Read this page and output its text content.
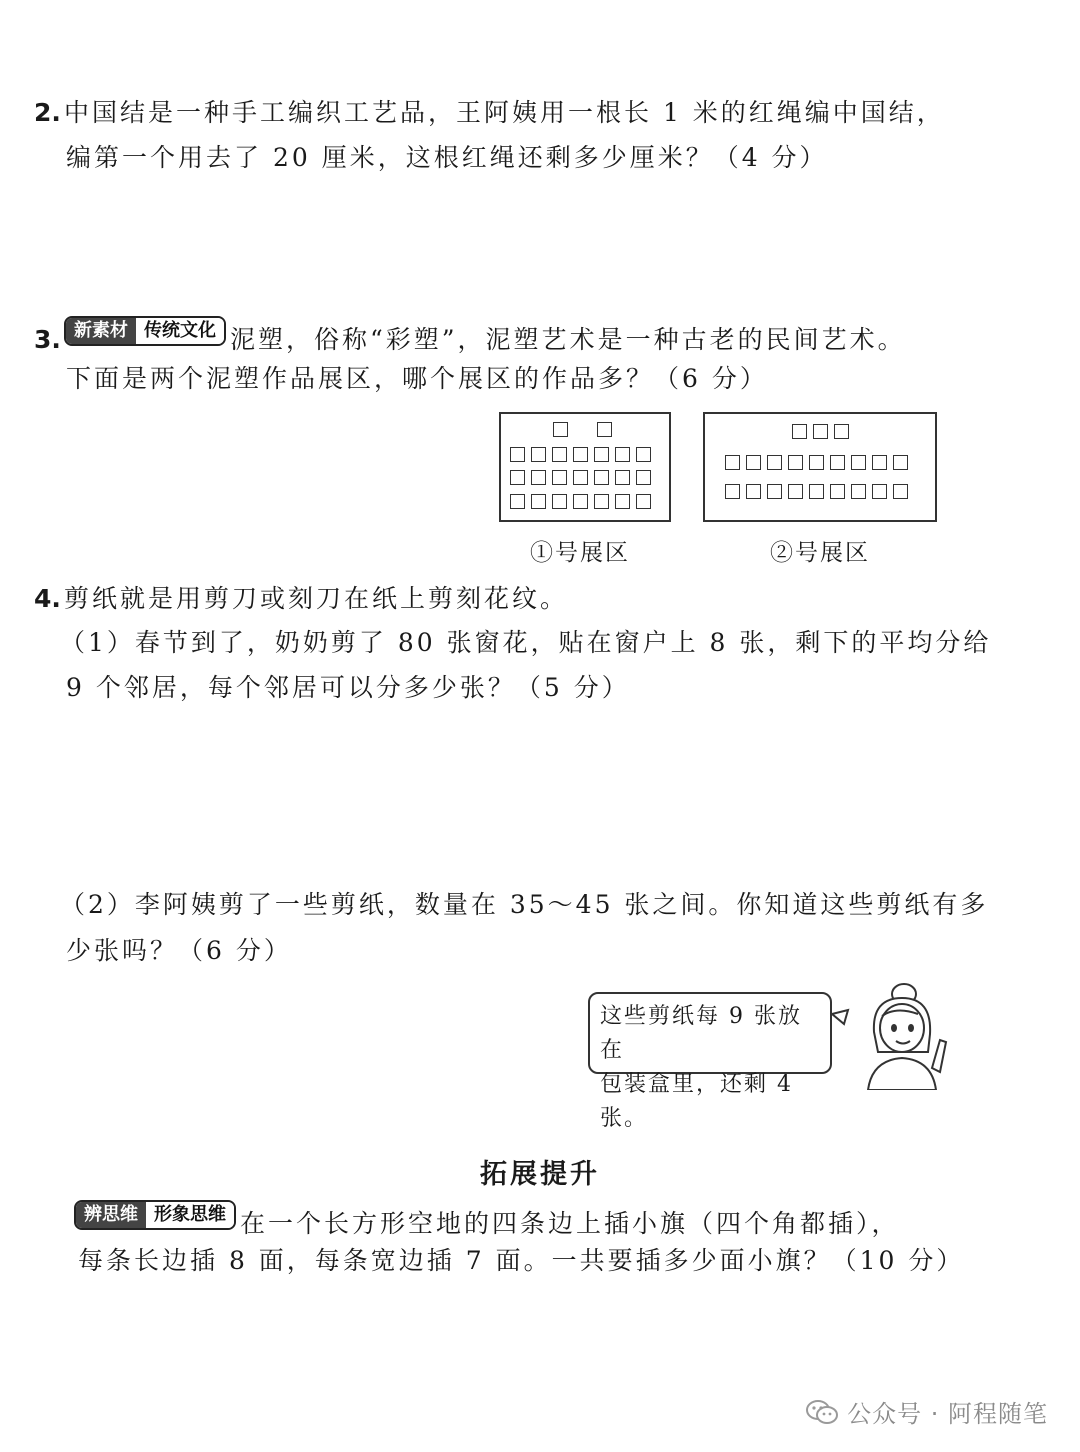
2. 中国结是一种手工编织工艺品，王阿姨用一根长 1 米的红绳编中国结，
编第一个用去了 20 厘米，这根红绳还剩多少厘米？（4 分）
3. 新素材 传统文化 泥塑，俗称“彩塑”，泥塑艺术是一种古老的民间艺术。
下面是两个泥塑作品展区，哪个展区的作品多？（6 分）
①号展区	②号展区
4. 剪纸就是用剪刀或刻刀在纸上剪刻花纹。
（1）春节到了，奶奶剪了 80 张窗花，贴在窗户上 8 张，剩下的平均分给
9 个邻居，每个邻居可以分多少张？（5 分）
（2）李阿姨剪了一些剪纸，数量在 35～45 张之间。你知道这些剪纸有多
少张吗？（6 分）
这些剪纸每 9 张放在
包装盒里，还剩 4 张。
拓展提升
辨思维 形象思维 在一个长方形空地的四条边上插小旗（四个角都插），
每条长边插 8 面，每条宽边插 7 面。一共要插多少面小旗？（10 分）
公众号 · 阿程随笔
